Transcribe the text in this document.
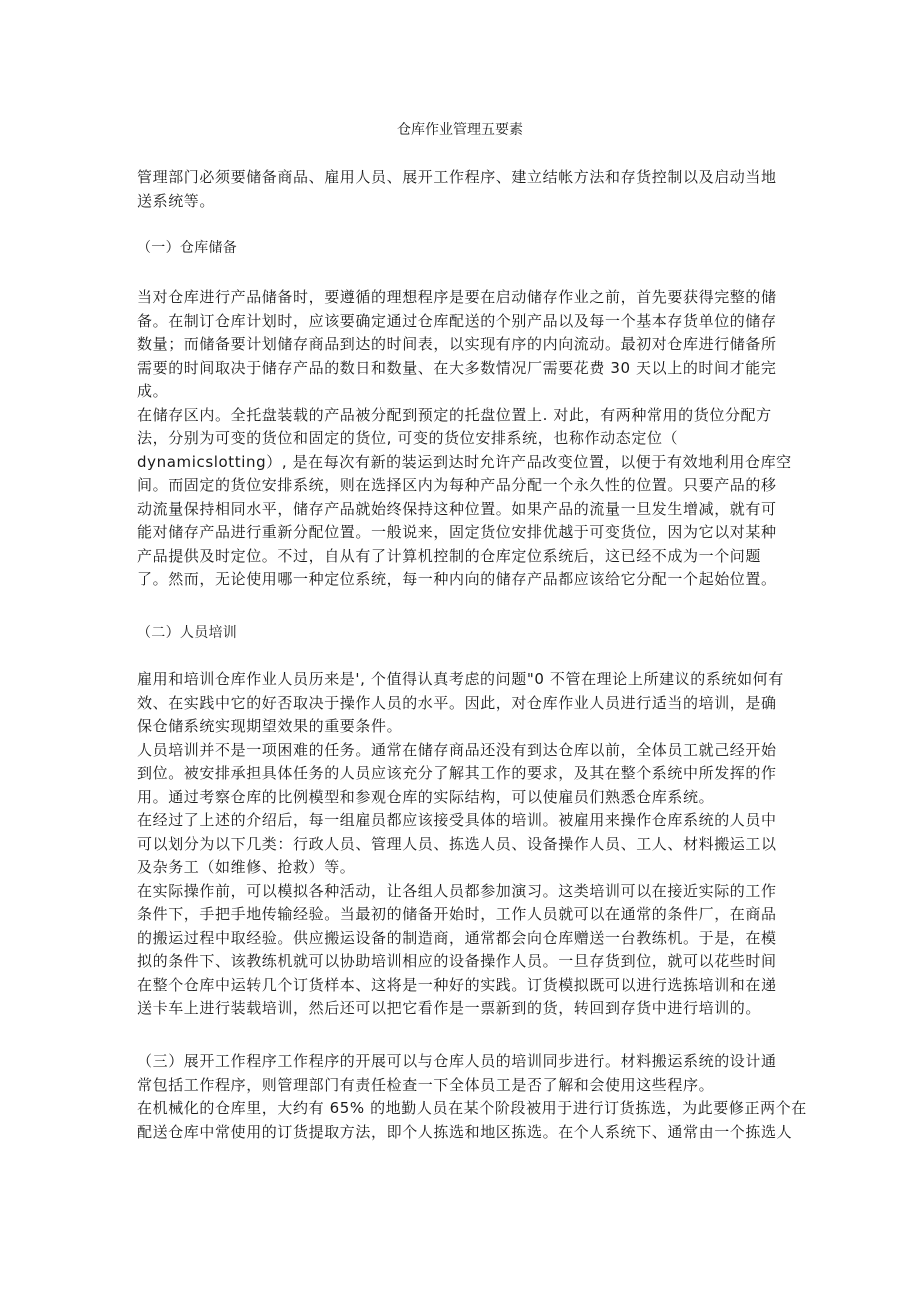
仓库作业管理五要素
管理部门必须要储备商品、雇用人员、展开工作程序、建立结帐方法和存货控制以及启动当地
送系统等。
（一）仓库储备
当对仓库进行产品储备时，要遵循的理想程序是要在启动储存作业之前，首先要获得完整的储
备。在制订仓库计划时，应该要确定通过仓库配送的个别产品以及每一个基本存货单位的储存
数量；而储备要计划储存商品到达的时间表，以实现有序的内向流动。最初对仓库进行储备所
需要的时间取决于储存产品的数日和数量、在大多数情况厂需要花费 30 天以上的时间才能完
成。
在储存区内。全托盘装载的产品被分配到预定的托盘位置上. 对此，有两种常用的货位分配方
法，分别为可变的货位和固定的货位, 可变的货位安排系统，也称作动态定位（
dynamicslotting）, 是在每次有新的装运到达时允许产品改变位置，以便于有效地利用仓库空
间。而固定的货位安排系统，则在选择区内为每种产品分配一个永久性的位置。只要产品的移
动流量保持相同水平，储存产品就始终保持这种位置。如果产品的流量一旦发生增减，就有可
能对储存产品进行重新分配位置。一般说来，固定货位安排优越于可变货位，因为它以对某种
产品提供及时定位。不过，自从有了计算机控制的仓库定位系统后，这已经不成为一个问题
了。然而，无论使用哪一种定位系统，每一种内向的储存产品都应该给它分配一个起始位置。
（二）人员培训
雇用和培训仓库作业人员历来是', 个值得认真考虑的问题"0 不管在理论上所建议的系统如何有
效、在实践中它的好否取决于操作人员的水平。因此，对仓库作业人员进行适当的培训，是确
保仓储系统实现期望效果的重要条件。
人员培训并不是一项困难的任务。通常在储存商品还没有到达仓库以前，全体员工就己经开始
到位。被安排承担具体任务的人员应该充分了解其工作的要求，及其在整个系统中所发挥的作
用。通过考察仓库的比例模型和参观仓库的实际结构，可以使雇员们熟悉仓库系统。
在经过了上述的介绍后，每一组雇员都应该接受具体的培训。被雇用来操作仓库系统的人员中
可以划分为以下几类：行政人员、管理人员、拣选人员、设备操作人员、工人、材料搬运工以
及杂务工（如维修、抢救）等。
在实际操作前，可以模拟各种活动，让各组人员都参加演习。这类培训可以在接近实际的工作
条件下，手把手地传输经验。当最初的储备开始时，工作人员就可以在通常的条件厂，在商品
的搬运过程中取经验。供应搬运设备的制造商，通常都会向仓库赠送一台教练机。于是，在模
拟的条件下、该教练机就可以协助培训相应的设备操作人员。一旦存货到位，就可以花些时间
在整个仓库中运转几个订货样本、这将是一种好的实践。订货模拟既可以进行选拣培训和在递
送卡车上进行装载培训，然后还可以把它看作是一票新到的货，转回到存货中进行培训的。
（三）展开工作程序工作程序的开展可以与仓库人员的培训同步进行。材料搬运系统的设计通
常包括工作程序，则管理部门有责任检查一下全体员工是否了解和会使用这些程序。
在机械化的仓库里，大约有 65% 的地勤人员在某个阶段被用于进行订货拣选，为此要修正两个在
配送仓库中常使用的订货提取方法，即个人拣选和地区拣选。在个人系统下、通常由一个拣选人
